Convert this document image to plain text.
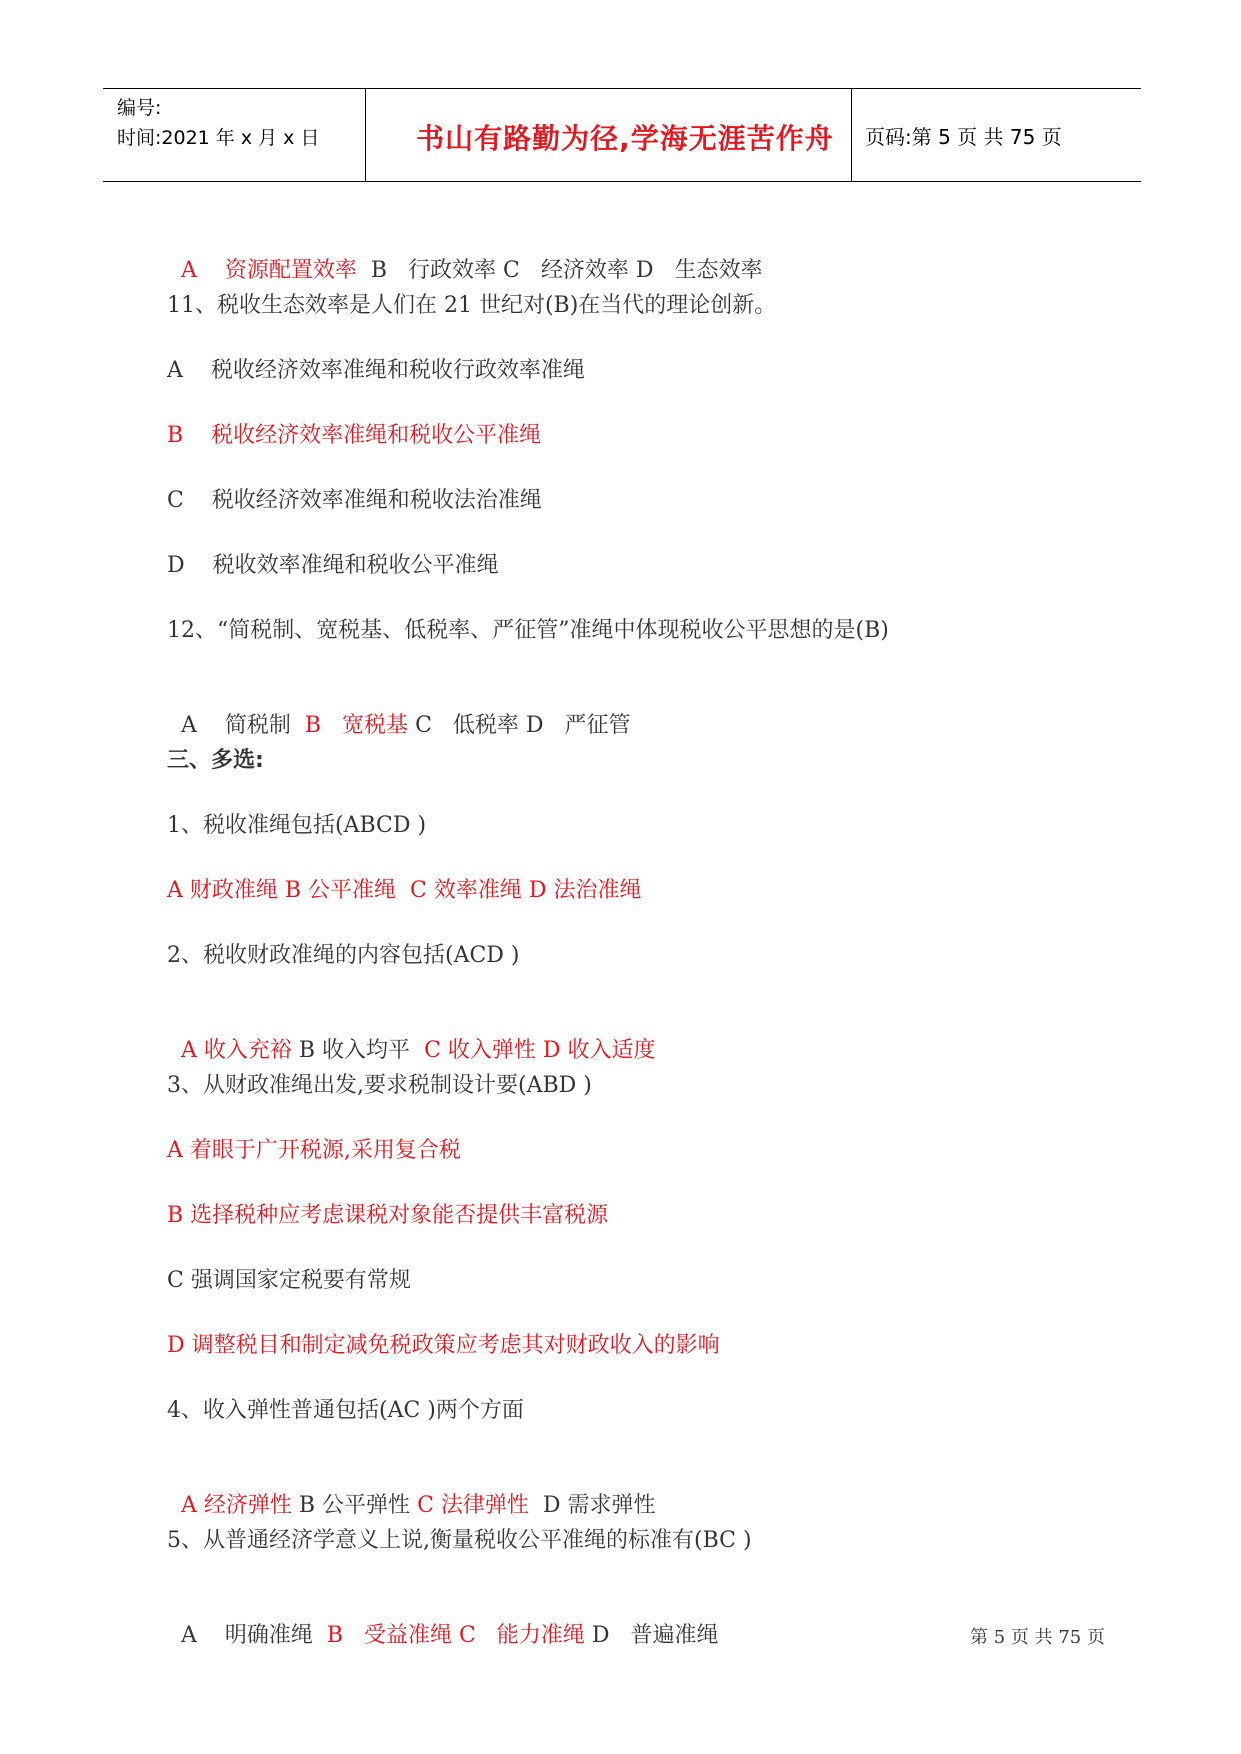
编号:
时间:2021 年 x 月 x 日	书山有路勤为径,学海无涯苦作舟	页码:第 5 页 共 75 页

A 资源配置效率 B 行政效率 C 经济效率 D 生态效率

11、税收生态效率是人们在 21 世纪对(B)在当代的理论创新。
A    税收经济效率准绳和税收行政效率准绳
B    税收经济效率准绳和税收公平准绳
C    税收经济效率准绳和税收法治准绳
D    税收效率准绳和税收公平准绳
12、“简税制、宽税基、低税率、严征管”准绳中体现税收公平思想的是(B)

A 简税制 B 宽税基 C 低税率 D 严征管

三、多选:
1、税收准绳包括(ABCD )
A 财政准绳 B 公平准绳  C 效率准绳 D 法治准绳
2、税收财政准绳的内容包括(ACD )

A 收入充裕 B 收入均平 C 收入弹性 D 收入适度

3、从财政准绳出发,要求税制设计要(ABD )
A 着眼于广开税源,采用复合税
B 选择税种应考虑课税对象能否提供丰富税源
C 强调国家定税要有常规
D 调整税目和制定减免税政策应考虑其对财政收入的影响
4、收入弹性普通包括(AC )两个方面

A 经济弹性 B 公平弹性 C 法律弹性 D 需求弹性

5、从普通经济学意义上说,衡量税收公平准绳的标准有(BC )

A 明确准绳 B 受益准绳 C 能力准绳 D 普遍准绳	第 5 页 共 75 页
